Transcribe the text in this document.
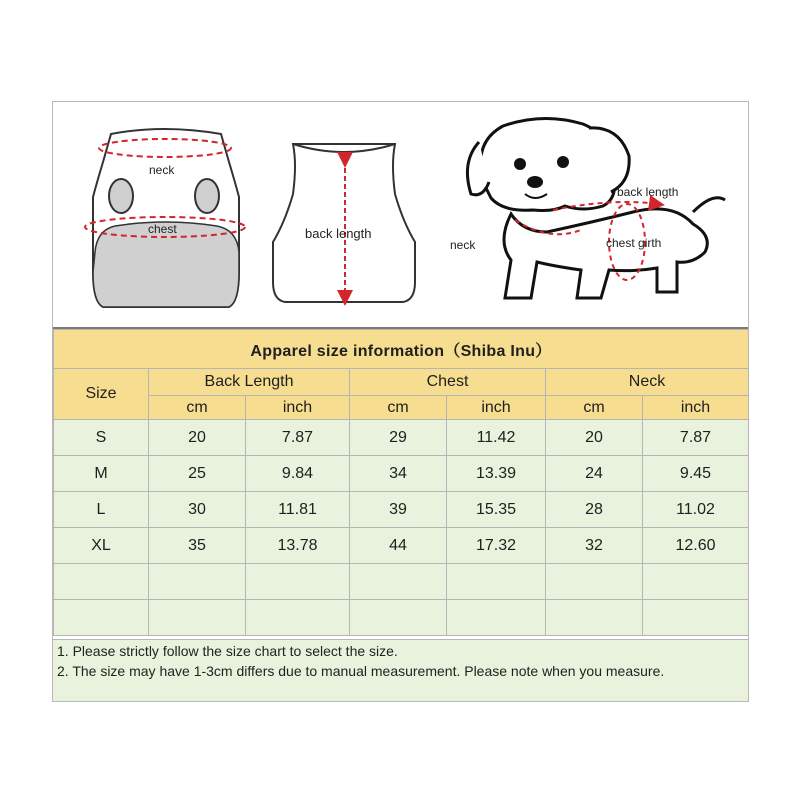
neck
chest	back length
back length
neck	chest girth
Apparel size information（Shiba Inu）						
Size	Back Length		Chest		Neck	
	cm	inch	cm	inch	cm	inch
S	20	7.87	29	11.42	20	7.87
M	25	9.84	34	13.39	24	9.45
L	30	11.81	39	15.35	28	11.02
XL	35	13.78	44	17.32	32	12.60

1. Please strictly follow the size chart to select the size.
2. The size may have 1-3cm differs due to manual measurement. Please note when you measure.
